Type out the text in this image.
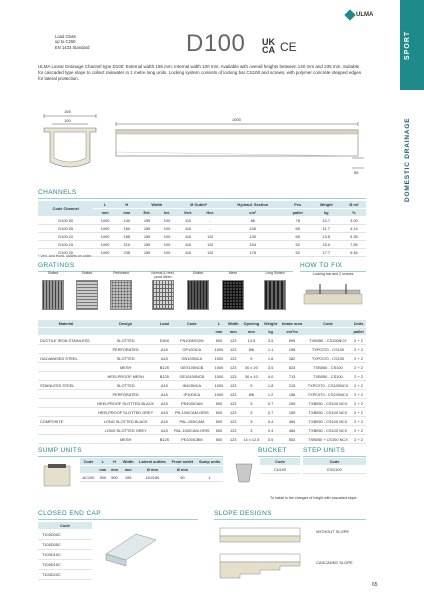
SPORT
DOMESTIC DRAINAGE
ULMA
Load Class
up to C250
EN 1433 Standard	D100 UK
CA CE
ULMA Linear Drainage Channel type D100: External width 155 mm; Internal width 100 mm; Available with overall heights between 140 mm and 235 mm. Suitable for cascaded type slope to collect rainwater in 1 metre long units. Locking system consists of locking bar CS100 and screws, with polymer concrete stepped edges for lateral protection.
155
100	1000
85
CHANNELS
Code Channel	L	H	Width		Ø Outlet*		Hydraul. Section	Pcs	Weight	Ø ref
	mm	mm	Ext.	Int.	Vert.	Hor.	cm²	pallet	kg	%
D100.00	1000	140	155	100	110	-	86	78	10.7	3.00
D100.05	1000	160	155	100	110	-	106	65	11.7	4.14
D100.10	1000	185	155	100	110	110	130	65	13.5	5.35
D100.15	1000	210	155	100	110	110	154	52	15.0	7.55
D100.20	1000	235	155	100	110	110	178	52	17.7	9.46
* Vert. and Horiz. outlets on order.
GRATINGS	HOW TO FIX
Slotted	Slotted	Perforated	Normal & Heel-proof Mesh
Slotted	Mesh	Long Slotted	Locking bar and 2 screws
Material	Design	Load	Code	L	Width	Opening	Weight	Intake area	Code	Units
				mm	mm	mm	kg	cm²/m		pallet
DUCTILE IRON STAINLESS	SLOTTED	D400	FN100NCDM	500	123	13.5	3.5	695	TXB050 - CS100NCX	2 + 2
	PERFORATED	A15	GP100ICA	1000	123	Ø6	1.1	158	TXPC070 - CS100	2 + 2
GALVANISED STEEL	SLOTTED	A15	GN100NCA	1000	123	9	1.6	282	TXPC070 - CS100	2 + 2
	MESH	B125	GEX100NCB	1000	123	30 x 20	3.5	623	TXB050 - CS100	2 + 2
	HEELPROOF MESH	B125	GE10100NCB	1000	123	30 x 10	4.0	713	TXB050 - CS100	2 + 2
STAINLESS STEEL	SLOTTED	A15	IN100NCA	1000	123	9	1.8	215	TXPC070 - CS100NCX	2 + 2
	PERFORATED	A15	IP100ICA	1000	123	Ø6	1.2	158	TXPC070 - CS100NCX	2 + 2
	HEELPROOF SLOTTED BLACK	A15	PN100ICAM	500	123	3	0.7	159	TXB050 - CS100 NCX	2 + 2
	HEELPROOF SLOTTED GREY	A15	PN-100ICAM-GRIS	500	123	3	0.7	159	TXB050 - CS100 NCX	2 + 2
COMPOSITE	LONG SLOTTED BLACK	A15	PAL-100ICAM	500	123	3	0.4	484	TXB050 - CS100 NCX	2 + 2
	LONG SLOTTED GREY	A15	PAL-100ICAM-GRIS	500	123	3	0.4	484	TXB050 - CS100 NCX	2 + 2
	MESH	B125	PE100ICBM	500	123	14 x 12.5	0.5	553	TXB050 + CS100 NCX	2 + 2
SUMP UNITS	BUCKET STEP UNITS
Code	L	H	Width	Lateral outlets	Front outlet	Sump units
	mm	mm	mm	Ø mm	Ø mm	
AC100	500	500	155	110/160	90	1
Code
CU100
Code
ESD100
To install in the changes of height with cascaded slope.
CLOSED END CAP
Code
T100D00C
T100D05C
T100D10C
T100D15C
T100D20C
SLOPE DESIGNS
WITHOUT SLOPE
CASCADED SLOPE
65
